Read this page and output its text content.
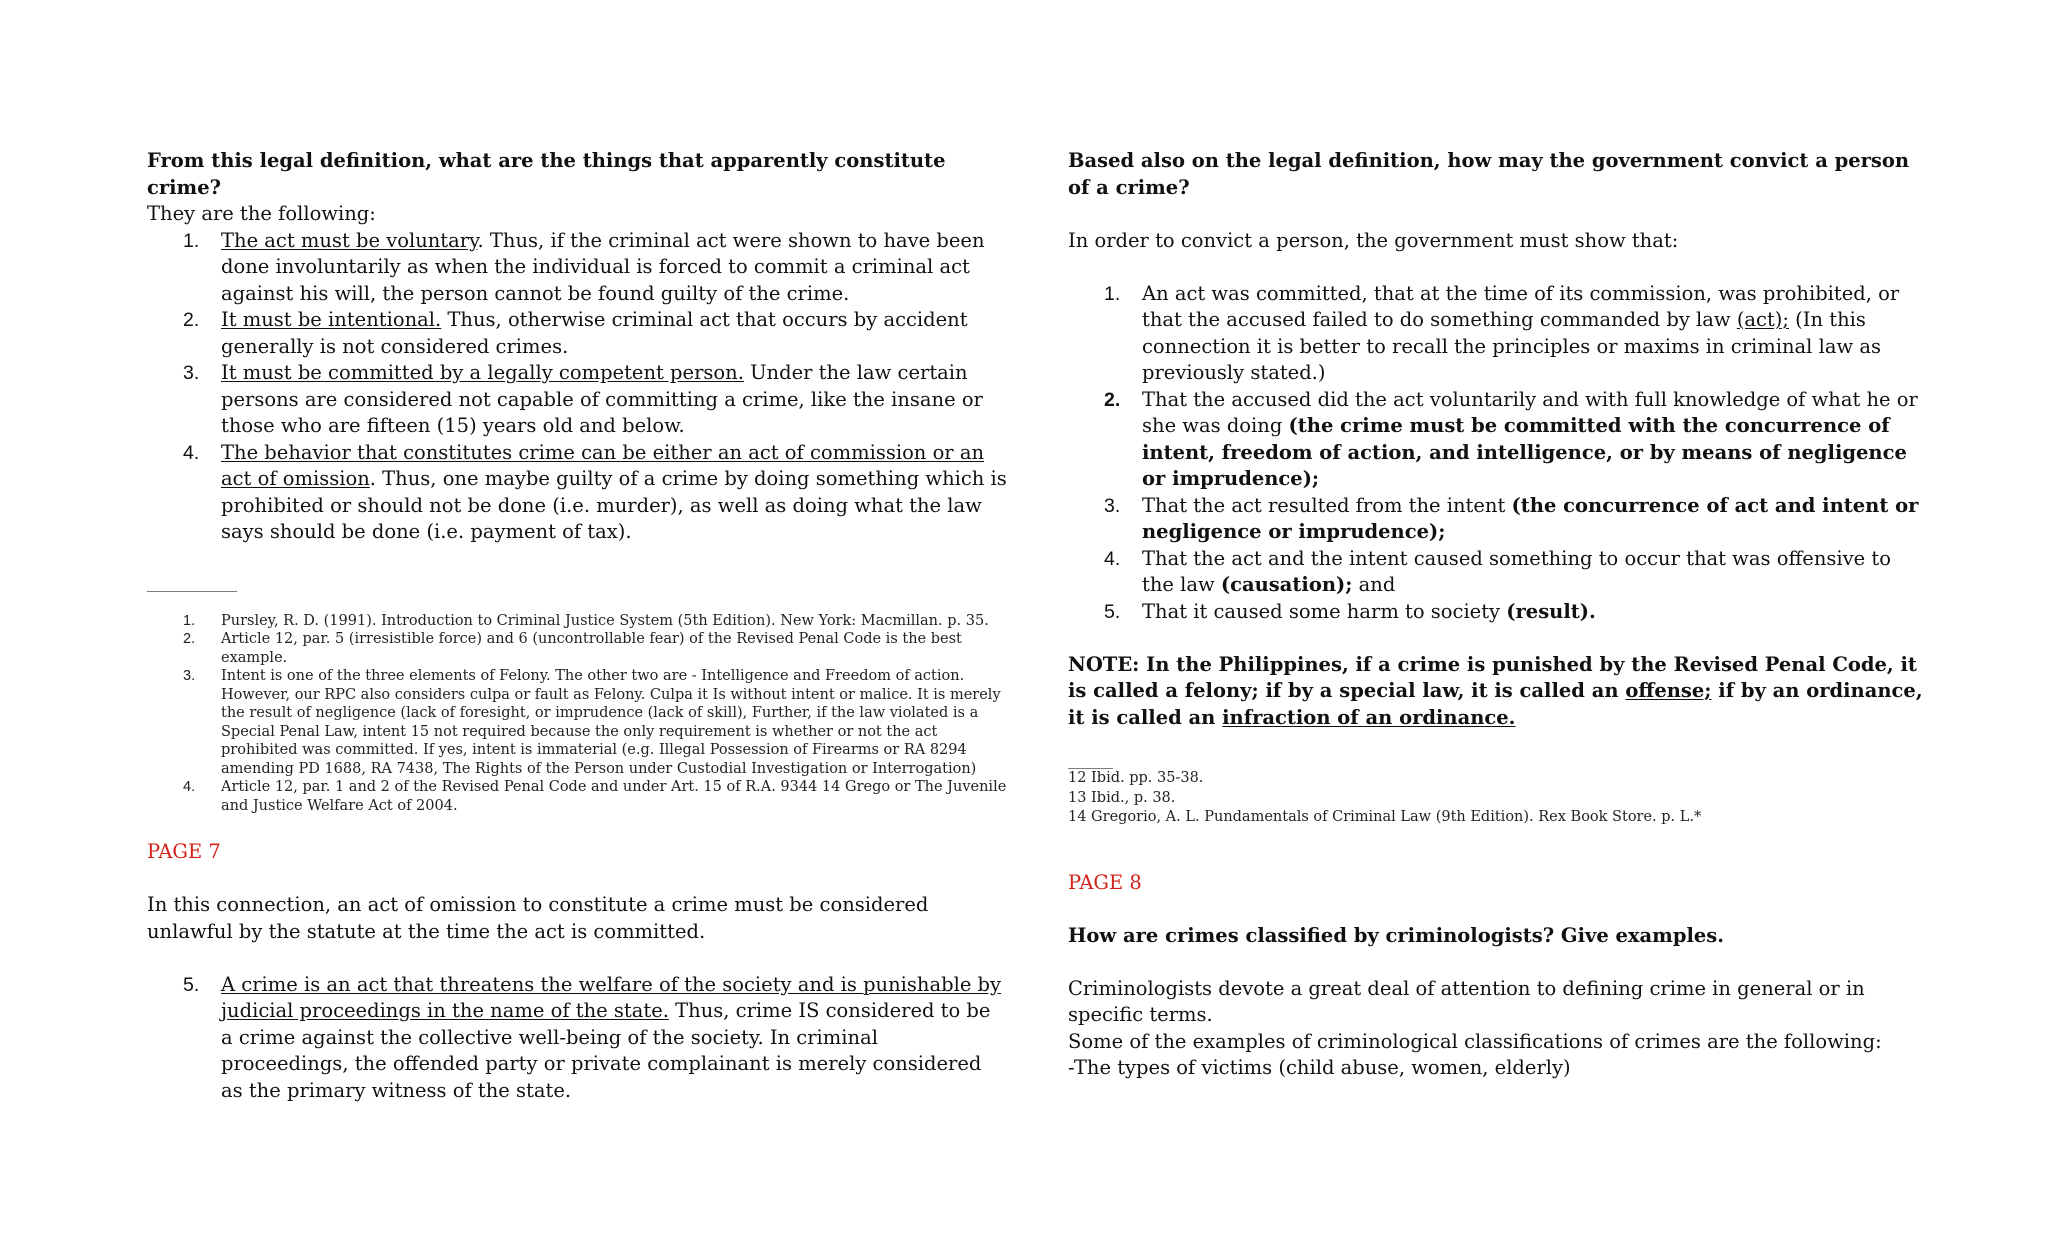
From this legal definition, what are the things that apparently constitute crime?

They are the following:

1. The act must be voluntary. Thus, if the criminal act were shown to have been done involuntarily as when the individual is forced to commit a criminal act against his will, the person cannot be found guilty of the crime.
2. It must be intentional. Thus, otherwise criminal act that occurs by accident generally is not considered crimes.
3. It must be committed by a legally competent person. Under the law certain persons are considered not capable of committing a crime, like the insane or those who are fifteen (15) years old and below.
4. The behavior that constitutes crime can be either an act of commission or an act of omission. Thus, one maybe guilty of a crime by doing something which is prohibited or should not be done (i.e. murder), as well as doing what the law says should be done (i.e. payment of tax).
____________
1. Pursley, R. D. (1991). Introduction to Criminal Justice System (5th Edition). New York: Macmillan. p. 35.
2. Article 12, par. 5 (irresistible force) and 6 (uncontrollable fear) of the Revised Penal Code is the best example.
3. Intent is one of the three elements of Felony. The other two are - Intelligence and Freedom of action. However, our RPC also considers culpa or fault as Felony. Culpa it Is without intent or malice. It is merely the result of negligence (lack of foresight, or imprudence (lack of skill), Further, if the law violated is a Special Penal Law, intent 15 not required because the only requirement is whether or not the act prohibited was committed. If yes, intent is immaterial (e.g. Illegal Possession of Firearms or RA 8294 amending PD 1688, RA 7438, The Rights of the Person under Custodial Investigation or Interrogation)
4. Article 12, par. 1 and 2 of the Revised Penal Code and under Art. 15 of R.A. 9344 14 Grego or The Juvenile and Justice Welfare Act of 2004.

PAGE 7

In this connection, an act of omission to constitute a crime must be considered unlawful by the statute at the time the act is committed.

5. A crime is an act that threatens the welfare of the society and is punishable by judicial proceedings in the name of the state. Thus, crime IS considered to be a crime against the collective well-being of the society. In criminal proceedings, the offended party or private complainant is merely considered as the primary witness of the state.

Based also on the legal definition, how may the government convict a person of a crime?

In order to convict a person, the government must show that:

1. An act was committed, that at the time of its commission, was prohibited, or that the accused failed to do something commanded by law (act); (In this connection it is better to recall the principles or maxims in criminal law as previously stated.)
2. That the accused did the act voluntarily and with full knowledge of what he or she was doing (the crime must be committed with the concurrence of intent, freedom of action, and intelligence, or by means of negligence or imprudence);
3. That the act resulted from the intent (the concurrence of act and intent or negligence or imprudence);
4. That the act and the intent caused something to occur that was offensive to the law (causation); and
5. That it caused some harm to society (result).

NOTE: In the Philippines, if a crime is punished by the Revised Penal Code, it is called a felony; if by a special law, it is called an offense; if by an ordinance, it is called an infraction of an ordinance.

______
12 Ibid. pp. 35-38.
13 Ibid., p. 38.
14 Gregorio, A. L. Pundamentals of Criminal Law (9th Edition). Rex Book Store. p. L.*

PAGE 8

How are crimes classified by criminologists? Give examples.

Criminologists devote a great deal of attention to defining crime in general or in specific terms.

Some of the examples of criminological classifications of crimes are the following:

-The types of victims (child abuse, women, elderly)
